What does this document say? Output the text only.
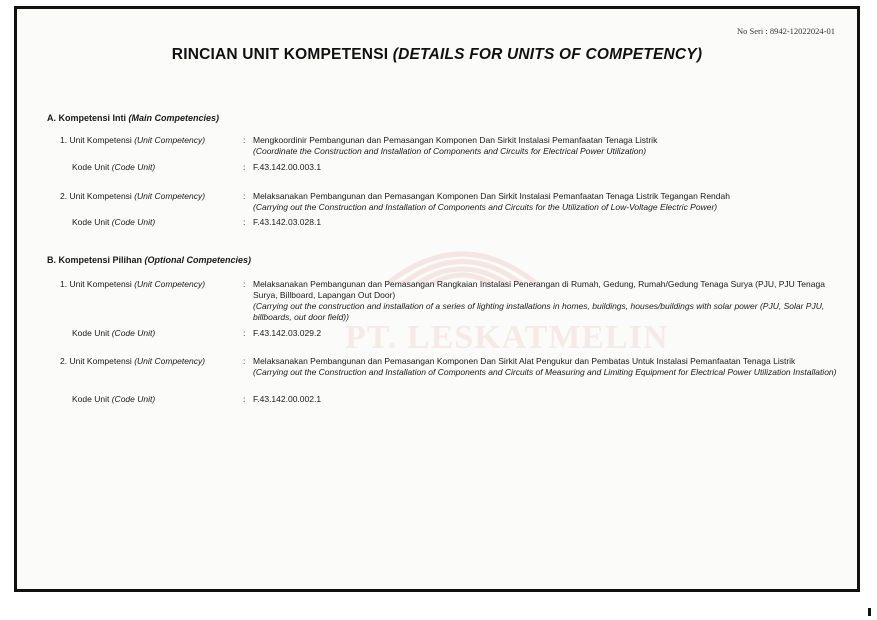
PT. LESKATMELIN
No Seri : 8942-12022024-01
RINCIAN UNIT KOMPETENSI (DETAILS FOR UNITS OF COMPETENCY)
A. Kompetensi Inti (Main Competencies)
1. Unit Kompetensi (Unit Competency)	: Mengkoordinir Pembangunan dan Pemasangan Komponen Dan Sirkit Instalasi Pemanfaatan Tenaga Listrik
(Coordinate the Construction and Installation of Components and Circuits for Electrical Power Utilization)
Kode Unit (Code Unit)	: F.43.142.00.003.1
2. Unit Kompetensi (Unit Competency)	: Melaksanakan Pembangunan dan Pemasangan Komponen Dan Sirkit Instalasi Pemanfaatan Tenaga Listrik Tegangan Rendah
(Carrying out the Construction and Installation of Components and Circuits for the Utilization of Low-Voltage Electric Power)
Kode Unit (Code Unit)	: F.43.142.03.028.1
B. Kompetensi Pilihan (Optional Competencies)
1. Unit Kompetensi (Unit Competency)	: Melaksanakan Pembangunan dan Pemasangan Rangkaian Instalasi Penerangan di Rumah, Gedung, Rumah/Gedung Tenaga Surya (PJU, PJU Tenaga Surya, Billboard, Lapangan Out Door)
(Carrying out the construction and installation of a series of lighting installations in homes, buildings, houses/buildings with solar power (PJU, Solar PJU, billboards, out door field))
Kode Unit (Code Unit)	: F.43.142.03.029.2
2. Unit Kompetensi (Unit Competency)	: Melaksanakan Pembangunan dan Pemasangan Komponen Dan Sirkit Alat Pengukur dan Pembatas Untuk Instalasi Pemanfaatan Tenaga Listrik
(Carrying out the Construction and Installation of Components and Circuits of Measuring and Limiting Equipment for Electrical Power Utilization Installation)
Kode Unit (Code Unit)	: F.43.142.00.002.1
